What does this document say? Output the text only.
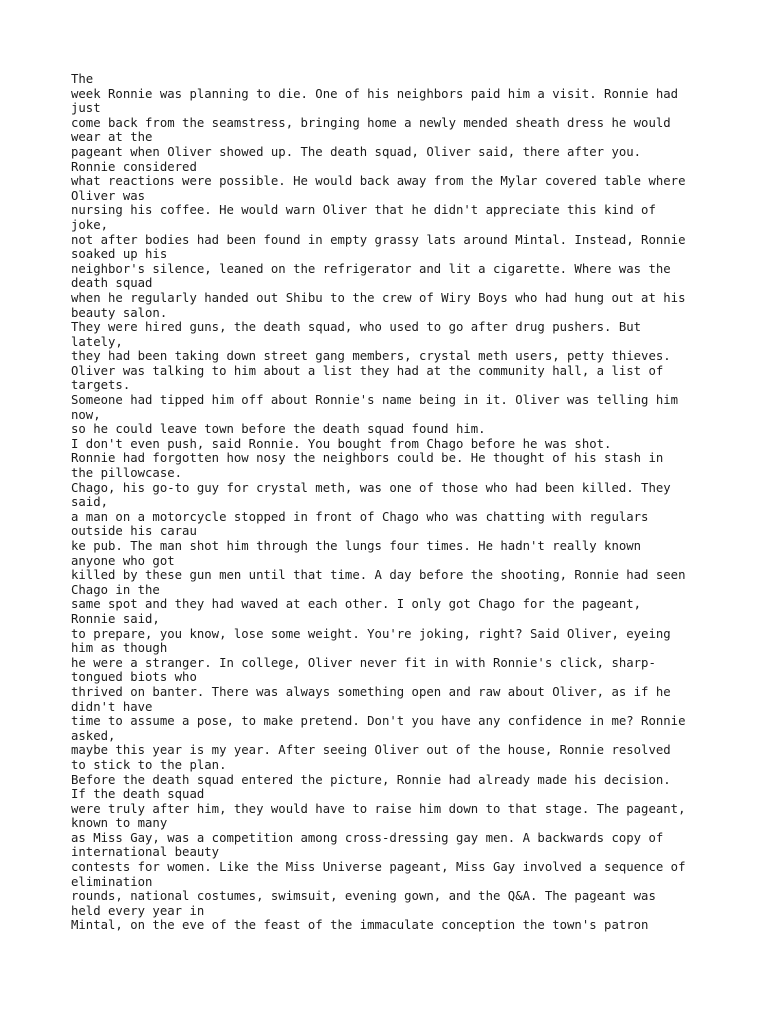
The
week Ronnie was planning to die. One of his neighbors paid him a visit. Ronnie had
just
come back from the seamstress, bringing home a newly mended sheath dress he would
wear at the
pageant when Oliver showed up. The death squad, Oliver said, there after you.
Ronnie considered
what reactions were possible. He would back away from the Mylar covered table where
Oliver was
nursing his coffee. He would warn Oliver that he didn't appreciate this kind of
joke,
not after bodies had been found in empty grassy lats around Mintal. Instead, Ronnie
soaked up his
neighbor's silence, leaned on the refrigerator and lit a cigarette. Where was the
death squad
when he regularly handed out Shibu to the crew of Wiry Boys who had hung out at his
beauty salon.
They were hired guns, the death squad, who used to go after drug pushers. But
lately,
they had been taking down street gang members, crystal meth users, petty thieves.
Oliver was talking to him about a list they had at the community hall, a list of
targets.
Someone had tipped him off about Ronnie's name being in it. Oliver was telling him
now,
so he could leave town before the death squad found him.
I don't even push, said Ronnie. You bought from Chago before he was shot.
Ronnie had forgotten how nosy the neighbors could be. He thought of his stash in
the pillowcase.
Chago, his go-to guy for crystal meth, was one of those who had been killed. They
said,
a man on a motorcycle stopped in front of Chago who was chatting with regulars
outside his carau
ke pub. The man shot him through the lungs four times. He hadn't really known
anyone who got
killed by these gun men until that time. A day before the shooting, Ronnie had seen
Chago in the
same spot and they had waved at each other. I only got Chago for the pageant,
Ronnie said,
to prepare, you know, lose some weight. You're joking, right? Said Oliver, eyeing
him as though
he were a stranger. In college, Oliver never fit in with Ronnie's click, sharp-
tongued biots who
thrived on banter. There was always something open and raw about Oliver, as if he
didn't have
time to assume a pose, to make pretend. Don't you have any confidence in me? Ronnie
asked,
maybe this year is my year. After seeing Oliver out of the house, Ronnie resolved
to stick to the plan.
Before the death squad entered the picture, Ronnie had already made his decision.
If the death squad
were truly after him, they would have to raise him down to that stage. The pageant,
known to many
as Miss Gay, was a competition among cross-dressing gay men. A backwards copy of
international beauty
contests for women. Like the Miss Universe pageant, Miss Gay involved a sequence of
elimination
rounds, national costumes, swimsuit, evening gown, and the Q&A. The pageant was
held every year in
Mintal, on the eve of the feast of the immaculate conception the town's patron
